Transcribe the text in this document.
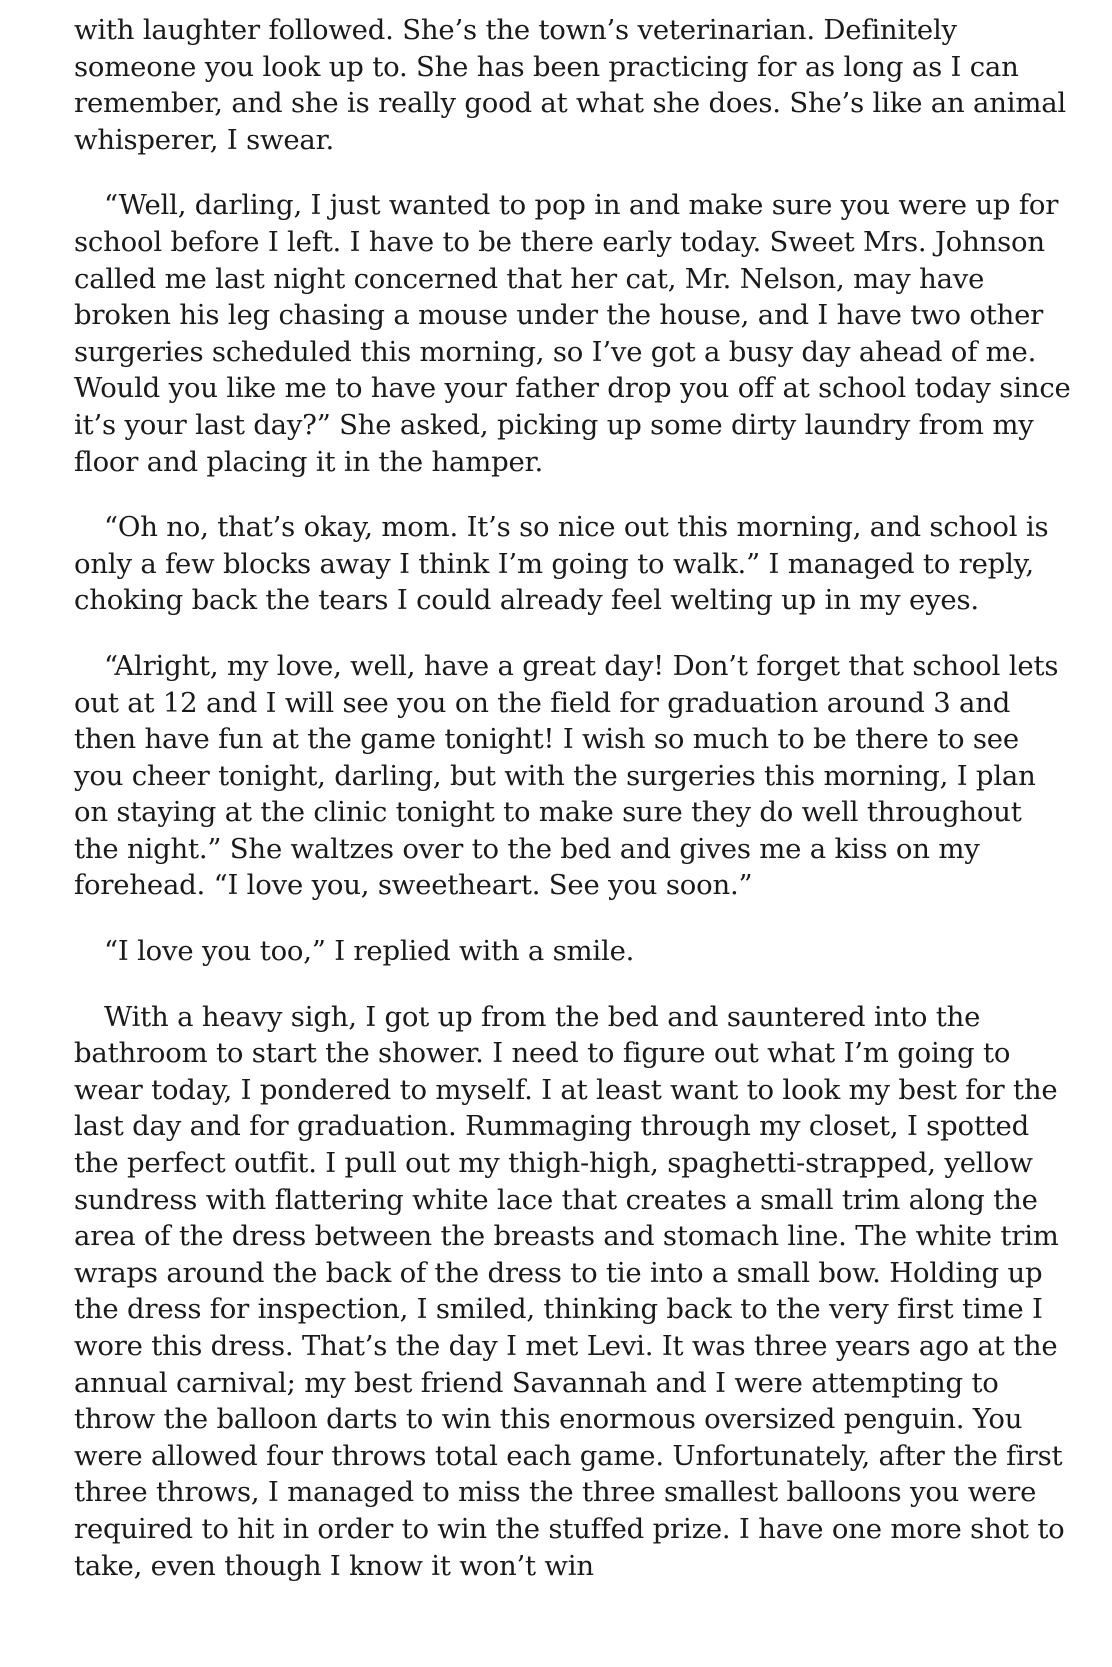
with laughter followed. She’s the town’s veterinarian. Definitely someone you look up to. She has been practicing for as long as I can remember, and she is really good at what she does. She’s like an animal whisperer, I swear.

“Well, darling, I just wanted to pop in and make sure you were up for school before I left. I have to be there early today. Sweet Mrs. Johnson called me last night concerned that her cat, Mr. Nelson, may have broken his leg chasing a mouse under the house, and I have two other surgeries scheduled this morning, so I’ve got a busy day ahead of me. Would you like me to have your father drop you off at school today since it’s your last day?” She asked, picking up some dirty laundry from my floor and placing it in the hamper.

“Oh no, that’s okay, mom. It’s so nice out this morning, and school is only a few blocks away I think I’m going to walk.” I managed to reply, choking back the tears I could already feel welting up in my eyes.

“Alright, my love, well, have a great day! Don’t forget that school lets out at 12 and I will see you on the field for graduation around 3 and then have fun at the game tonight! I wish so much to be there to see you cheer tonight, darling, but with the surgeries this morning, I plan on staying at the clinic tonight to make sure they do well throughout the night.” She waltzes over to the bed and gives me a kiss on my forehead. “I love you, sweetheart. See you soon.”

“I love you too,” I replied with a smile.

With a heavy sigh, I got up from the bed and sauntered into the bathroom to start the shower. I need to figure out what I’m going to wear today, I pondered to myself. I at least want to look my best for the last day and for graduation. Rummaging through my closet, I spotted the perfect outfit. I pull out my thigh-high, spaghetti-strapped, yellow sundress with flattering white lace that creates a small trim along the area of the dress between the breasts and stomach line. The white trim wraps around the back of the dress to tie into a small bow. Holding up the dress for inspection, I smiled, thinking back to the very first time I wore this dress. That’s the day I met Levi. It was three years ago at the annual carnival; my best friend Savannah and I were attempting to throw the balloon darts to win this enormous oversized penguin. You were allowed four throws total each game. Unfortunately, after the first three throws, I managed to miss the three smallest balloons you were required to hit in order to win the stuffed prize. I have one more shot to take, even though I know it won’t win
